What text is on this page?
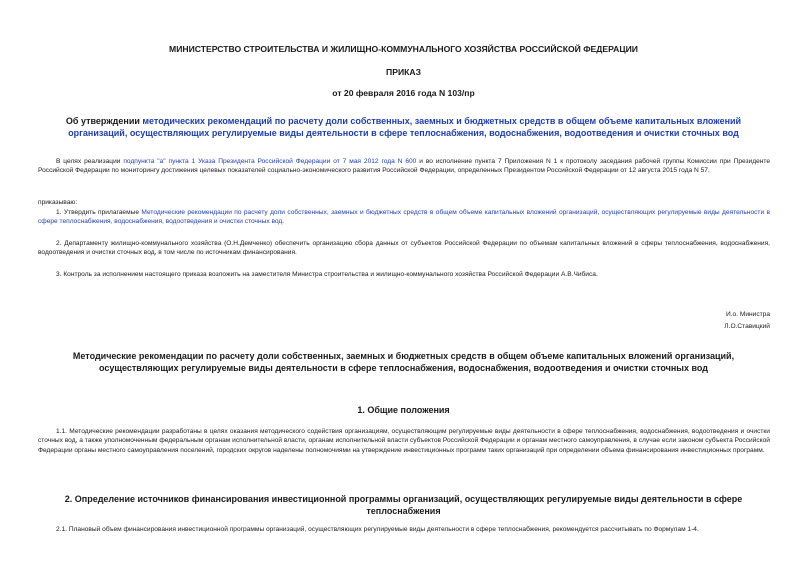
МИНИСТЕРСТВО СТРОИТЕЛЬСТВА И ЖИЛИЩНО-КОММУНАЛЬНОГО ХОЗЯЙСТВА РОССИЙСКОЙ ФЕДЕРАЦИИ
ПРИКАЗ
от 20 февраля 2016 года N 103/пр
Об утверждении методических рекомендаций по расчету доли собственных, заемных и бюджетных средств в общем объеме капитальных вложений организаций, осуществляющих регулируемые виды деятельности в сфере теплоснабжения, водоснабжения, водоотведения и очистки сточных вод
В целях реализации подпункта "а" пункта 1 Указа Президента Российской Федерации от 7 мая 2012 года N 600 и во исполнение пункта 7 Приложения N 1 к протоколу заседания рабочей группы Комиссии при Президенте Российской Федерации по мониторингу достижения целевых показателей социально-экономического развития Российской Федерации, определенных Президентом Российской Федерации от 12 августа 2015 года N 57,
приказываю:
1. Утвердить прилагаемые Методические рекомендации по расчету доли собственных, заемных и бюджетных средств в общем объеме капитальных вложений организаций, осуществляющих регулируемые виды деятельности в сфере теплоснабжения, водоснабжения, водоотведения и очистки сточных вод.
2. Департаменту жилищно-коммунального хозяйства (О.Н.Демченко) обеспечить организацию сбора данных от субъектов Российской Федерации по объемам капитальных вложений в сферы теплоснабжения, водоснабжения, водоотведения и очистки сточных вод, в том числе по источникам финансирования.
3. Контроль за исполнением настоящего приказа возложить на заместителя Министра строительства и жилищно-коммунального хозяйства Российской Федерации А.В.Чибиса.
И.о. Министра
Л.О.Ставицкий
Методические рекомендации по расчету доли собственных, заемных и бюджетных средств в общем объеме капитальных вложений организаций, осуществляющих регулируемые виды деятельности в сфере теплоснабжения, водоснабжения, водоотведения и очистки сточных вод
1. Общие положения
1.1. Методические рекомендации разработаны в целях оказания методического содействия организациям, осуществляющим регулируемые виды деятельности в сфере теплоснабжения, водоснабжения, водоотведения и очистки сточных вод, а также уполномоченным федеральным органам исполнительной власти, органам исполнительной власти субъектов Российской Федерации и органам местного самоуправления, в случае если законом субъекта Российской Федерации органы местного самоуправления поселений, городских округов наделены полномочиями на утверждение инвестиционных программ таких организаций при определении объема финансирования инвестиционных программ.
2. Определение источников финансирования инвестиционной программы организаций, осуществляющих регулируемые виды деятельности в сфере теплоснабжения
2.1. Плановый объем финансирования инвестиционной программы организаций, осуществляющих регулируемые виды деятельности в сфере теплоснабжения, рекомендуется рассчитывать по Формулам 1-4.
